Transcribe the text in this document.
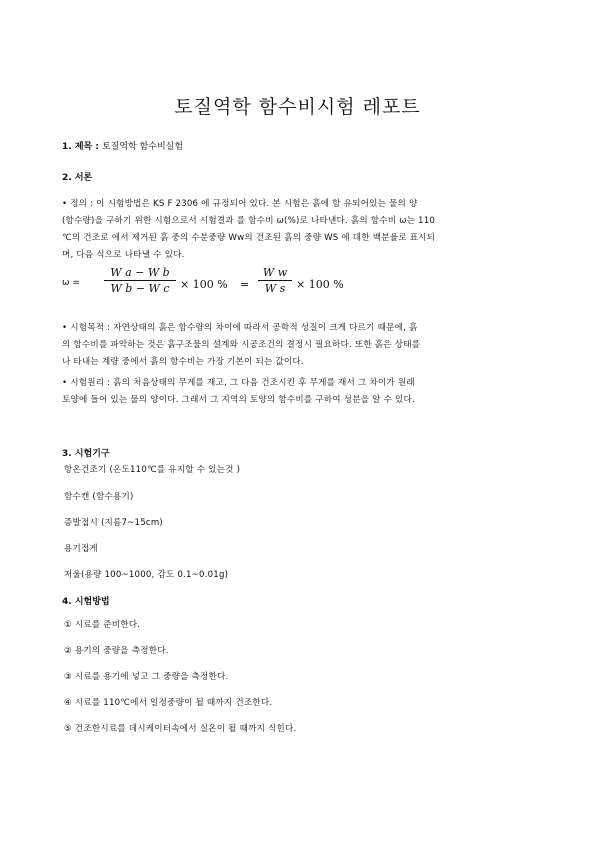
토질역학 함수비시험 레포트
1. 제목 : 토질역학 함수비실험
2. 서론
• 정의 : 이 시험방법은 KS F 2306 에 규정되어 있다. 본 시험은 흙에 함 유되어있는 물의 양
(함수량)을 구하기 위한 시험으로서 시험결과 를 함수비 ω(%)로 나타낸다. 흙의 함수비 ω는 110
℃의 건조로 에서 제거된 흙 중의 수분중량 Ww의 건조된 흙의 중량 WS 에 대한 백분율로 표시되
며, 다음 식으로 나타낼 수 있다.
ω =
W a − W b
W b − W c × 100 % =
W w
W s × 100 %
• 시험목적 : 자연상태의 흙은 함수량의 차이에 따라서 공학적 성질이 크게 다르기 때문에, 흙
의 함수비를 파악하는 것은 흙구조물의 설계와 시공조건의 결정시 필요하다. 또한 흙은 상태를
나 타내는 계량 중에서 흙의 함수비는 가장 기본이 되는 값이다.
• 시험원리 : 흙의 처음상태의 무게를 재고, 그 다음 건조시킨 후 무게를 재서 그 차이가 원래
토양에 들어 있는 물의 양이다. 그래서 그 지역의 토양의 함수비를 구하여 성분을 알 수 있다.
3. 시험기구
항온건조기 (온도110℃를 유지할 수 있는것 )
함수캔 (함수용기)
증발접시 (지름7~15cm)
용기접게
저울(용량 100~1000, 감도 0.1~0.01g)
4. 시험방법
① 시료를 준비한다.
② 용기의 중량을 측정한다.
③ 시료를 용기에 넣고 그 중량을 측정한다.
④ 시료를 110℃에서 일정중량이 될 때까지 건조한다.
⑤ 건조한시료를 데시케이터속에서 실온이 될 때까지 식힌다.
